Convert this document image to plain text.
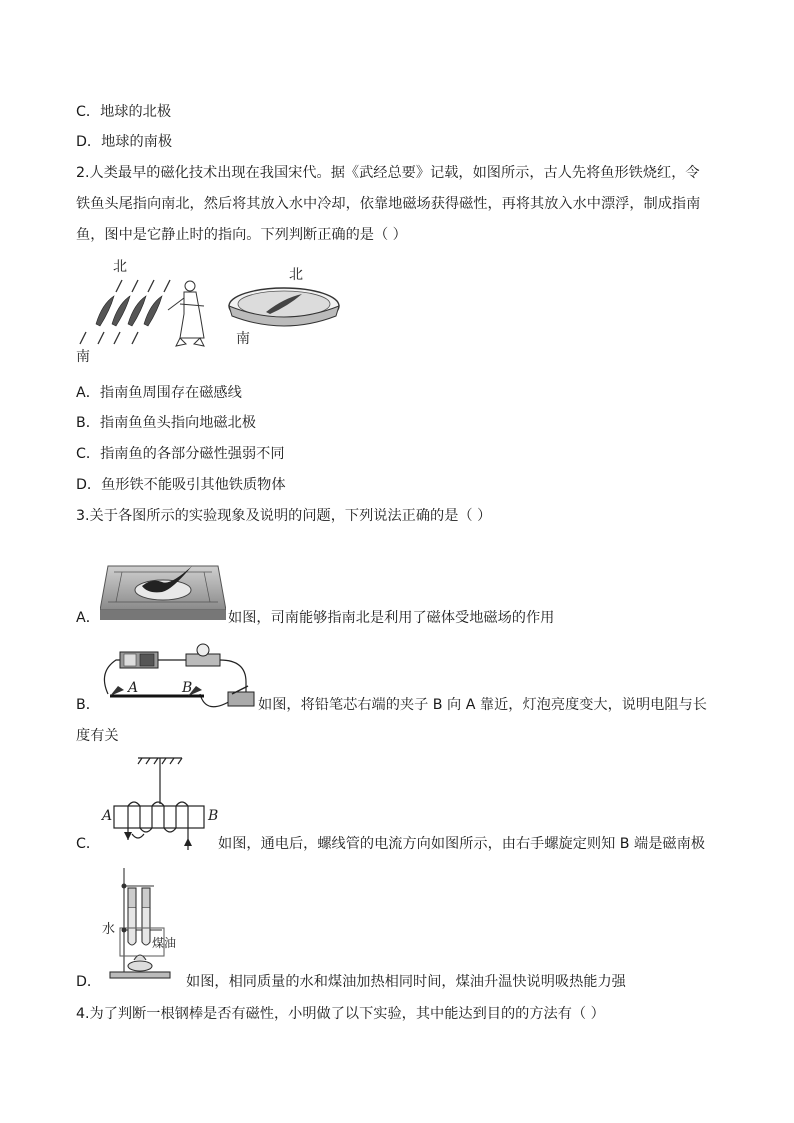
C．地球的北极
D．地球的南极
2.人类最早的磁化技术出现在我国宋代。据《武经总要》记载，如图所示，古人先将鱼形铁烧红，令
铁鱼头尾指向南北，然后将其放入水中冷却，依靠地磁场获得磁性，再将其放入水中漂浮，制成指南
鱼，图中是它静止时的指向。下列判断正确的是（ ）
北
南
北
南
A．指南鱼周围存在磁感线
B．指南鱼鱼头指向地磁北极
C．指南鱼的各部分磁性强弱不同
D．鱼形铁不能吸引其他铁质物体
3.关于各图所示的实验现象及说明的问题，下列说法正确的是（ ）
A．	如图，司南能够指南北是利用了磁体受地磁场的作用
A	B
B．	如图，将铅笔芯右端的夹子 B 向 A 靠近，灯泡亮度变大，说明电阻与长
度有关
A	B
C．	如图，通电后，螺线管的电流方向如图所示，由右手螺旋定则知 B 端是磁南极
水
煤油
D．	如图，相同质量的水和煤油加热相同时间，煤油升温快说明吸热能力强
4.为了判断一根钢棒是否有磁性，小明做了以下实验，其中能达到目的的方法有（ ）
